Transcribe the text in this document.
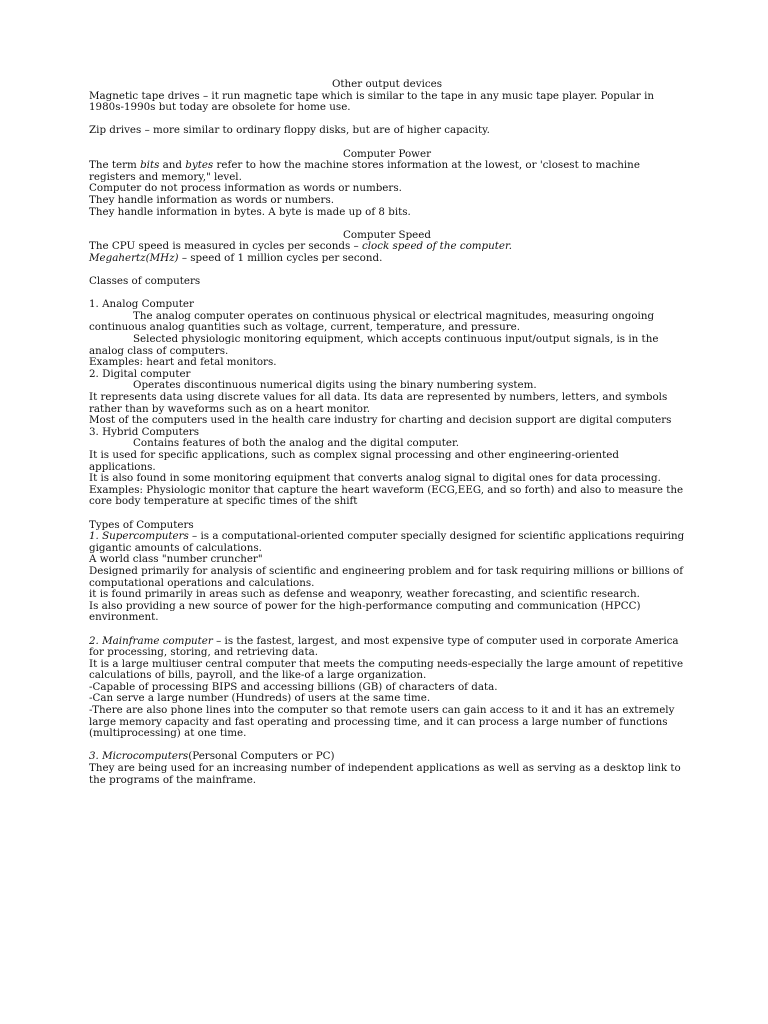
Other output devices
Magnetic tape drives – it run magnetic tape which is similar to the tape in any music tape player. Popular in 1980s-1990s but today are obsolete for home use.
Zip drives – more similar to ordinary floppy disks, but are of higher capacity.
Computer Power
The term bits and bytes refer to how the machine stores information at the lowest, or 'closest to machine registers and memory," level.
Computer do not process information as words or numbers.
They handle information as words or numbers.
They handle information in bytes. A byte is made up of 8 bits.
Computer Speed
The CPU speed is measured in cycles per seconds – clock speed of the computer.
Megahertz(MHz) – speed of 1 million cycles per second.
Classes of computers
1. Analog Computer
The analog computer operates on continuous physical or electrical magnitudes, measuring ongoing continuous analog quantities such as voltage, current, temperature, and pressure.
Selected physiologic monitoring equipment, which accepts continuous input/output signals, is in the analog class of computers.
Examples: heart and fetal monitors.
2. Digital computer
Operates discontinuous numerical digits using the binary numbering system.
It represents data using discrete values for all data. Its data are represented by numbers, letters, and symbols rather than by waveforms such as on a heart monitor.
Most of the computers used in the health care industry for charting and decision support are digital computers
3. Hybrid Computers
Contains features of both the analog and the digital computer.
It is used for specific applications, such as complex signal processing and other engineering-oriented applications.
It is also found in some monitoring equipment that converts analog signal to digital ones for data processing.
Examples: Physiologic monitor that capture the heart waveform (ECG,EEG, and so forth) and also to measure the core body temperature at specific times of the shift
Types of Computers
1. Supercomputers – is a computational-oriented computer specially designed for scientific applications requiring gigantic amounts of calculations.
A world class "number cruncher"
Designed primarily for analysis of scientific and engineering problem and for task requiring millions or billions of computational operations and calculations.
it is found primarily in areas such as defense and weaponry, weather forecasting, and scientific research.
Is also providing a new source of power for the high-performance computing and communication (HPCC) environment.
2. Mainframe computer – is the fastest, largest, and most expensive type of computer used in corporate America for processing, storing, and retrieving data.
It is a large multiuser central computer that meets the computing needs-especially the large amount of repetitive calculations of bills, payroll, and the like-of a large organization.
-Capable of processing BIPS and accessing billions (GB) of characters of data.
-Can serve a large number (Hundreds) of users at the same time.
-There are also phone lines into the computer so that remote users can gain access to it and it has an extremely large memory capacity and fast operating and processing time, and it can process a large number of functions (multiprocessing) at one time.
3. Microcomputers(Personal Computers or PC)
They are being used for an increasing number of independent applications as well as serving as a desktop link to the programs of the mainframe.
